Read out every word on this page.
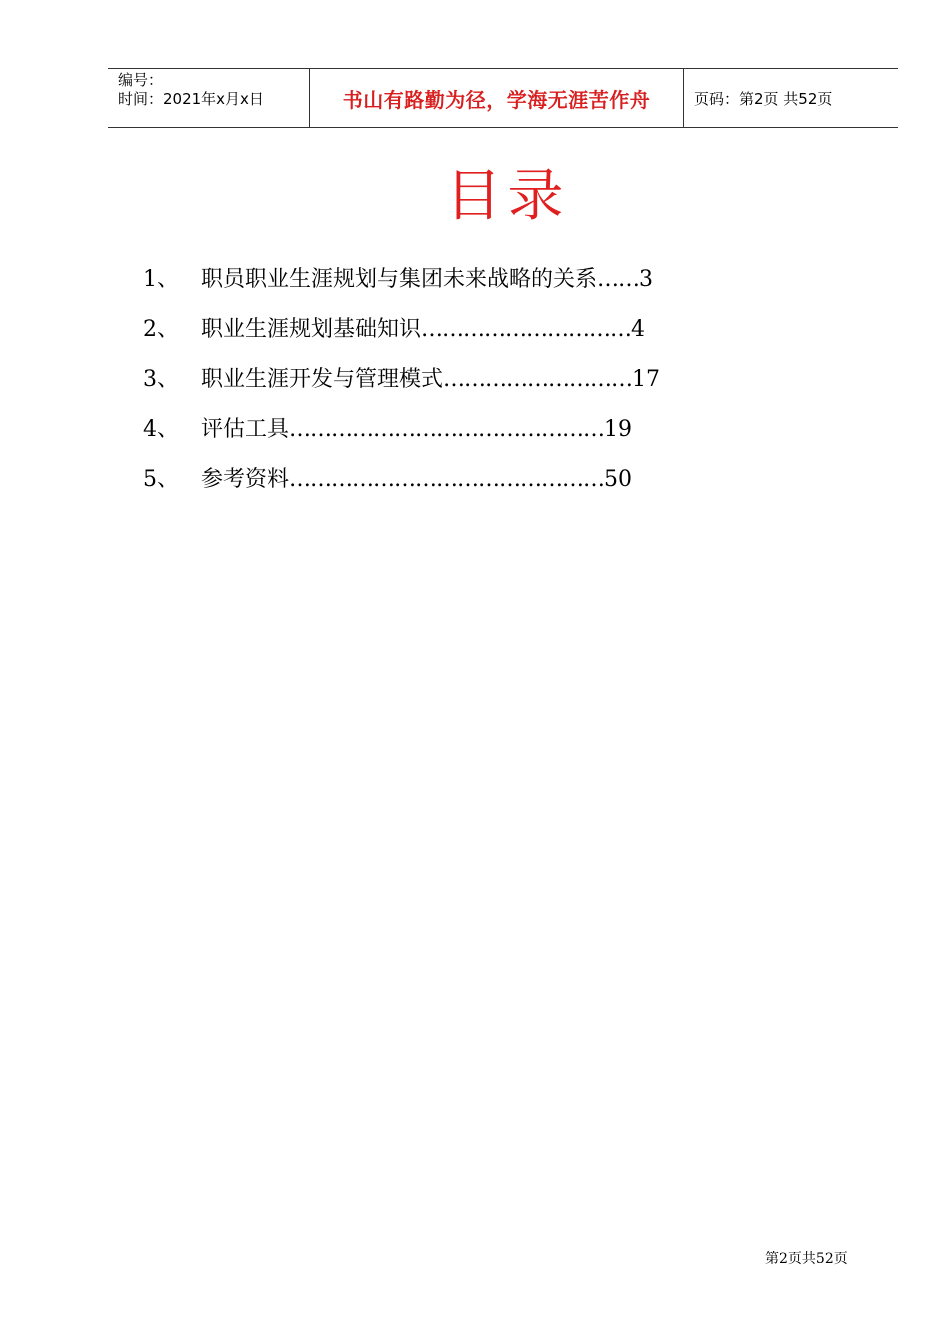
编号：
时间：2021年x月x日	书山有路勤为径，学海无涯苦作舟	页码：第2页 共52页
目录
1、	职员职业生涯规划与集团未来战略的关系 …… 3
2、	职业生涯规划基础知识 ………………………… 4
3、	职业生涯开发与管理模式 ……………………… 17
4、	评估工具 ……………………………………… 19
5、	参考资料 ……………………………………… 50
第2页共52页
